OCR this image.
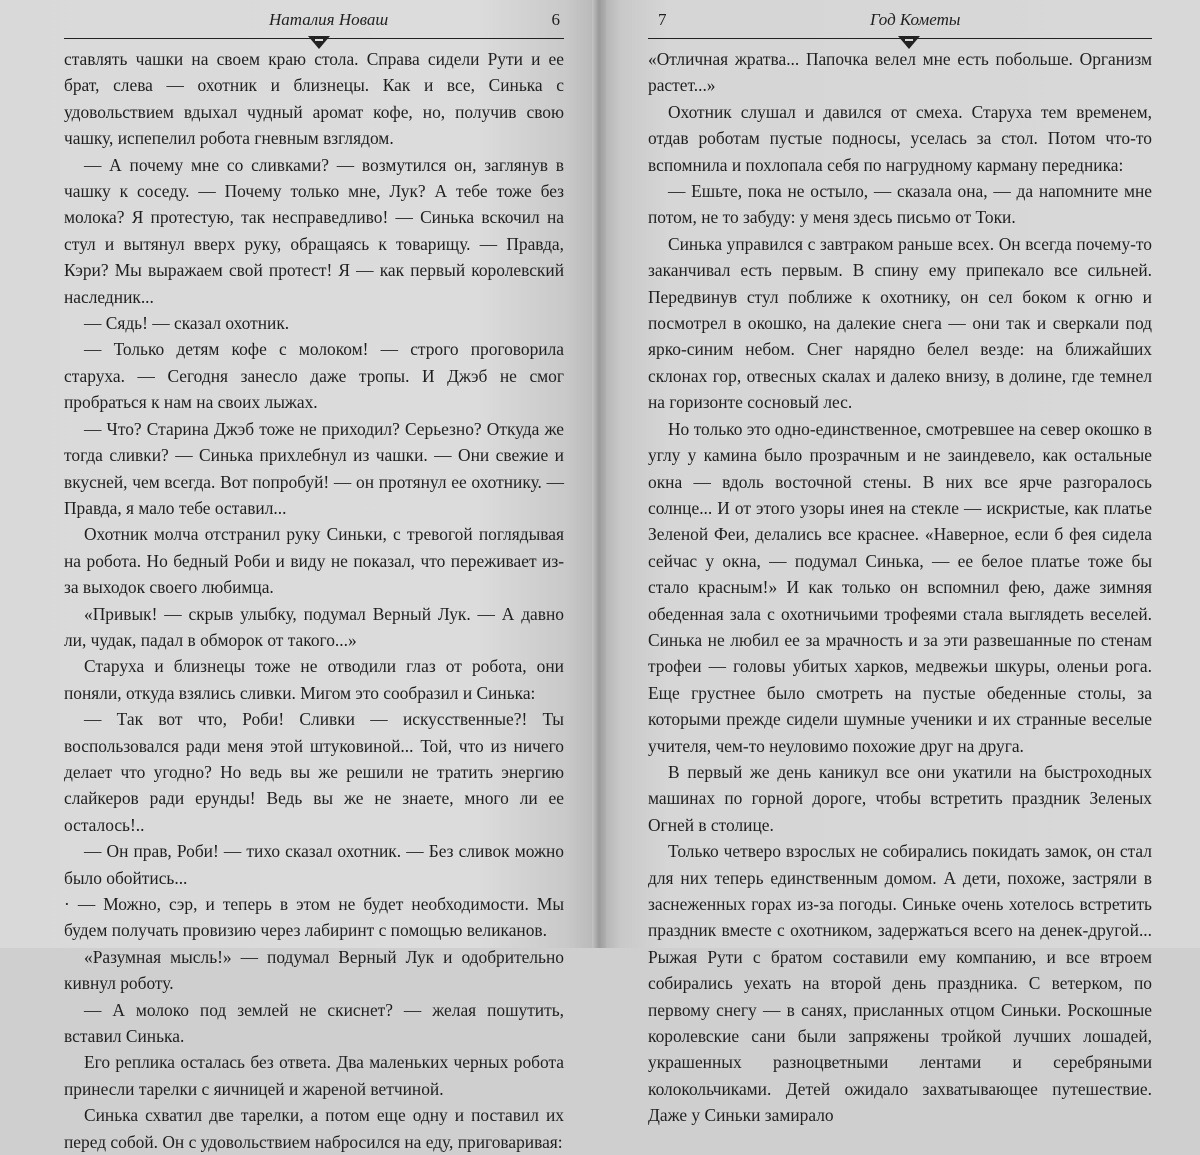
Наталия Новаш	6

ставлять чашки на своем краю стола. Справа сидели Рути и ее брат, слева — охотник и близнецы. Как и все, Синька с удовольствием вдыхал чудный аромат кофе, но, получив свою чашку, испепелил робота гневным взглядом.

— А почему мне со сливками? — возмутился он, заглянув в чашку к соседу. — Почему только мне, Лук? А тебе тоже без молока? Я протестую, так несправедливо! — Синька вскочил на стул и вытянул вверх руку, обращаясь к товарищу. — Правда, Кэри? Мы выражаем свой протест! Я — как первый королевский наследник...

— Сядь! — сказал охотник.

— Только детям кофе с молоком! — строго проговорила старуха. — Сегодня занесло даже тропы. И Джэб не смог пробраться к нам на своих лыжах.

— Что? Старина Джэб тоже не приходил? Серьезно? Откуда же тогда сливки? — Синька прихлебнул из чашки. — Они свежие и вкусней, чем всегда. Вот попробуй! — он протянул ее охотнику. — Правда, я мало тебе оставил...

Охотник молча отстранил руку Синьки, с тревогой поглядывая на робота. Но бедный Роби и виду не показал, что переживает из-за выходок своего любимца.

«Привык! — скрыв улыбку, подумал Верный Лук. — А давно ли, чудак, падал в обморок от такого...»

Старуха и близнецы тоже не отводили глаз от робота, они поняли, откуда взялись сливки. Мигом это сообразил и Синька:

— Так вот что, Роби! Сливки — искусственные?! Ты воспользовался ради меня этой штуковиной... Той, что из ничего делает что угодно? Но ведь вы же решили не тратить энергию слайкеров ради ерунды! Ведь вы же не знаете, много ли ее осталось!..

— Он прав, Роби! — тихо сказал охотник. — Без сливок можно было обойтись...

· — Можно, сэр, и теперь в этом не будет необходимости. Мы будем получать провизию через лабиринт с помощью великанов.

«Разумная мысль!» — подумал Верный Лук и одобрительно кивнул роботу.

— А молоко под землей не скиснет? — желая пошутить, вставил Синька.

Его реплика осталась без ответа. Два маленьких черных робота принесли тарелки с яичницей и жареной ветчиной.

Синька схватил две тарелки, а потом еще одну и поставил их перед собой. Он с удовольствием набросился на еду, приговаривая:

7	Год Кометы

«Отличная жратва... Папочка велел мне есть побольше. Организм растет...»

Охотник слушал и давился от смеха. Старуха тем временем, отдав роботам пустые подносы, уселась за стол. Потом что-то вспомнила и похлопала себя по нагрудному карману передника:

— Ешьте, пока не остыло, — сказала она, — да напомните мне потом, не то забуду: у меня здесь письмо от Токи.

Синька управился с завтраком раньше всех. Он всегда почему-то заканчивал есть первым. В спину ему припекало все сильней. Передвинув стул поближе к охотнику, он сел боком к огню и посмотрел в окошко, на далекие снега — они так и сверкали под ярко-синим небом. Снег нарядно белел везде: на ближайших склонах гор, отвесных скалах и далеко внизу, в долине, где темнел на горизонте сосновый лес.

Но только это одно-единственное, смотревшее на север окошко в углу у камина было прозрачным и не заиндевело, как остальные окна — вдоль восточной стены. В них все ярче разгоралось солнце... И от этого узоры инея на стекле — искристые, как платье Зеленой Феи, делались все краснее. «Наверное, если б фея сидела сейчас у окна, — подумал Синька, — ее белое платье тоже бы стало красным!» И как только он вспомнил фею, даже зимняя обеденная зала с охотничьими трофеями стала выглядеть веселей. Синька не любил ее за мрачность и за эти развешанные по стенам трофеи — головы убитых харков, медвежьи шкуры, оленьи рога. Еще грустнее было смотреть на пустые обеденные столы, за которыми прежде сидели шумные ученики и их странные веселые учителя, чем-то неуловимо похожие друг на друга.

В первый же день каникул все они укатили на быстроходных машинах по горной дороге, чтобы встретить праздник Зеленых Огней в столице.

Только четверо взрослых не собирались покидать замок, он стал для них теперь единственным домом. А дети, похоже, застряли в заснеженных горах из-за погоды. Синьке очень хотелось встретить праздник вместе с охотником, задержаться всего на денек-другой... Рыжая Рути с братом составили ему компанию, и все втроем собирались уехать на второй день праздника. С ветерком, по первому снегу — в санях, присланных отцом Синьки. Роскошные королевские сани были запряжены тройкой лучших лошадей, украшенных разноцветными лентами и серебряными колокольчиками. Детей ожидало захватывающее путешествие. Даже у Синьки замирало
